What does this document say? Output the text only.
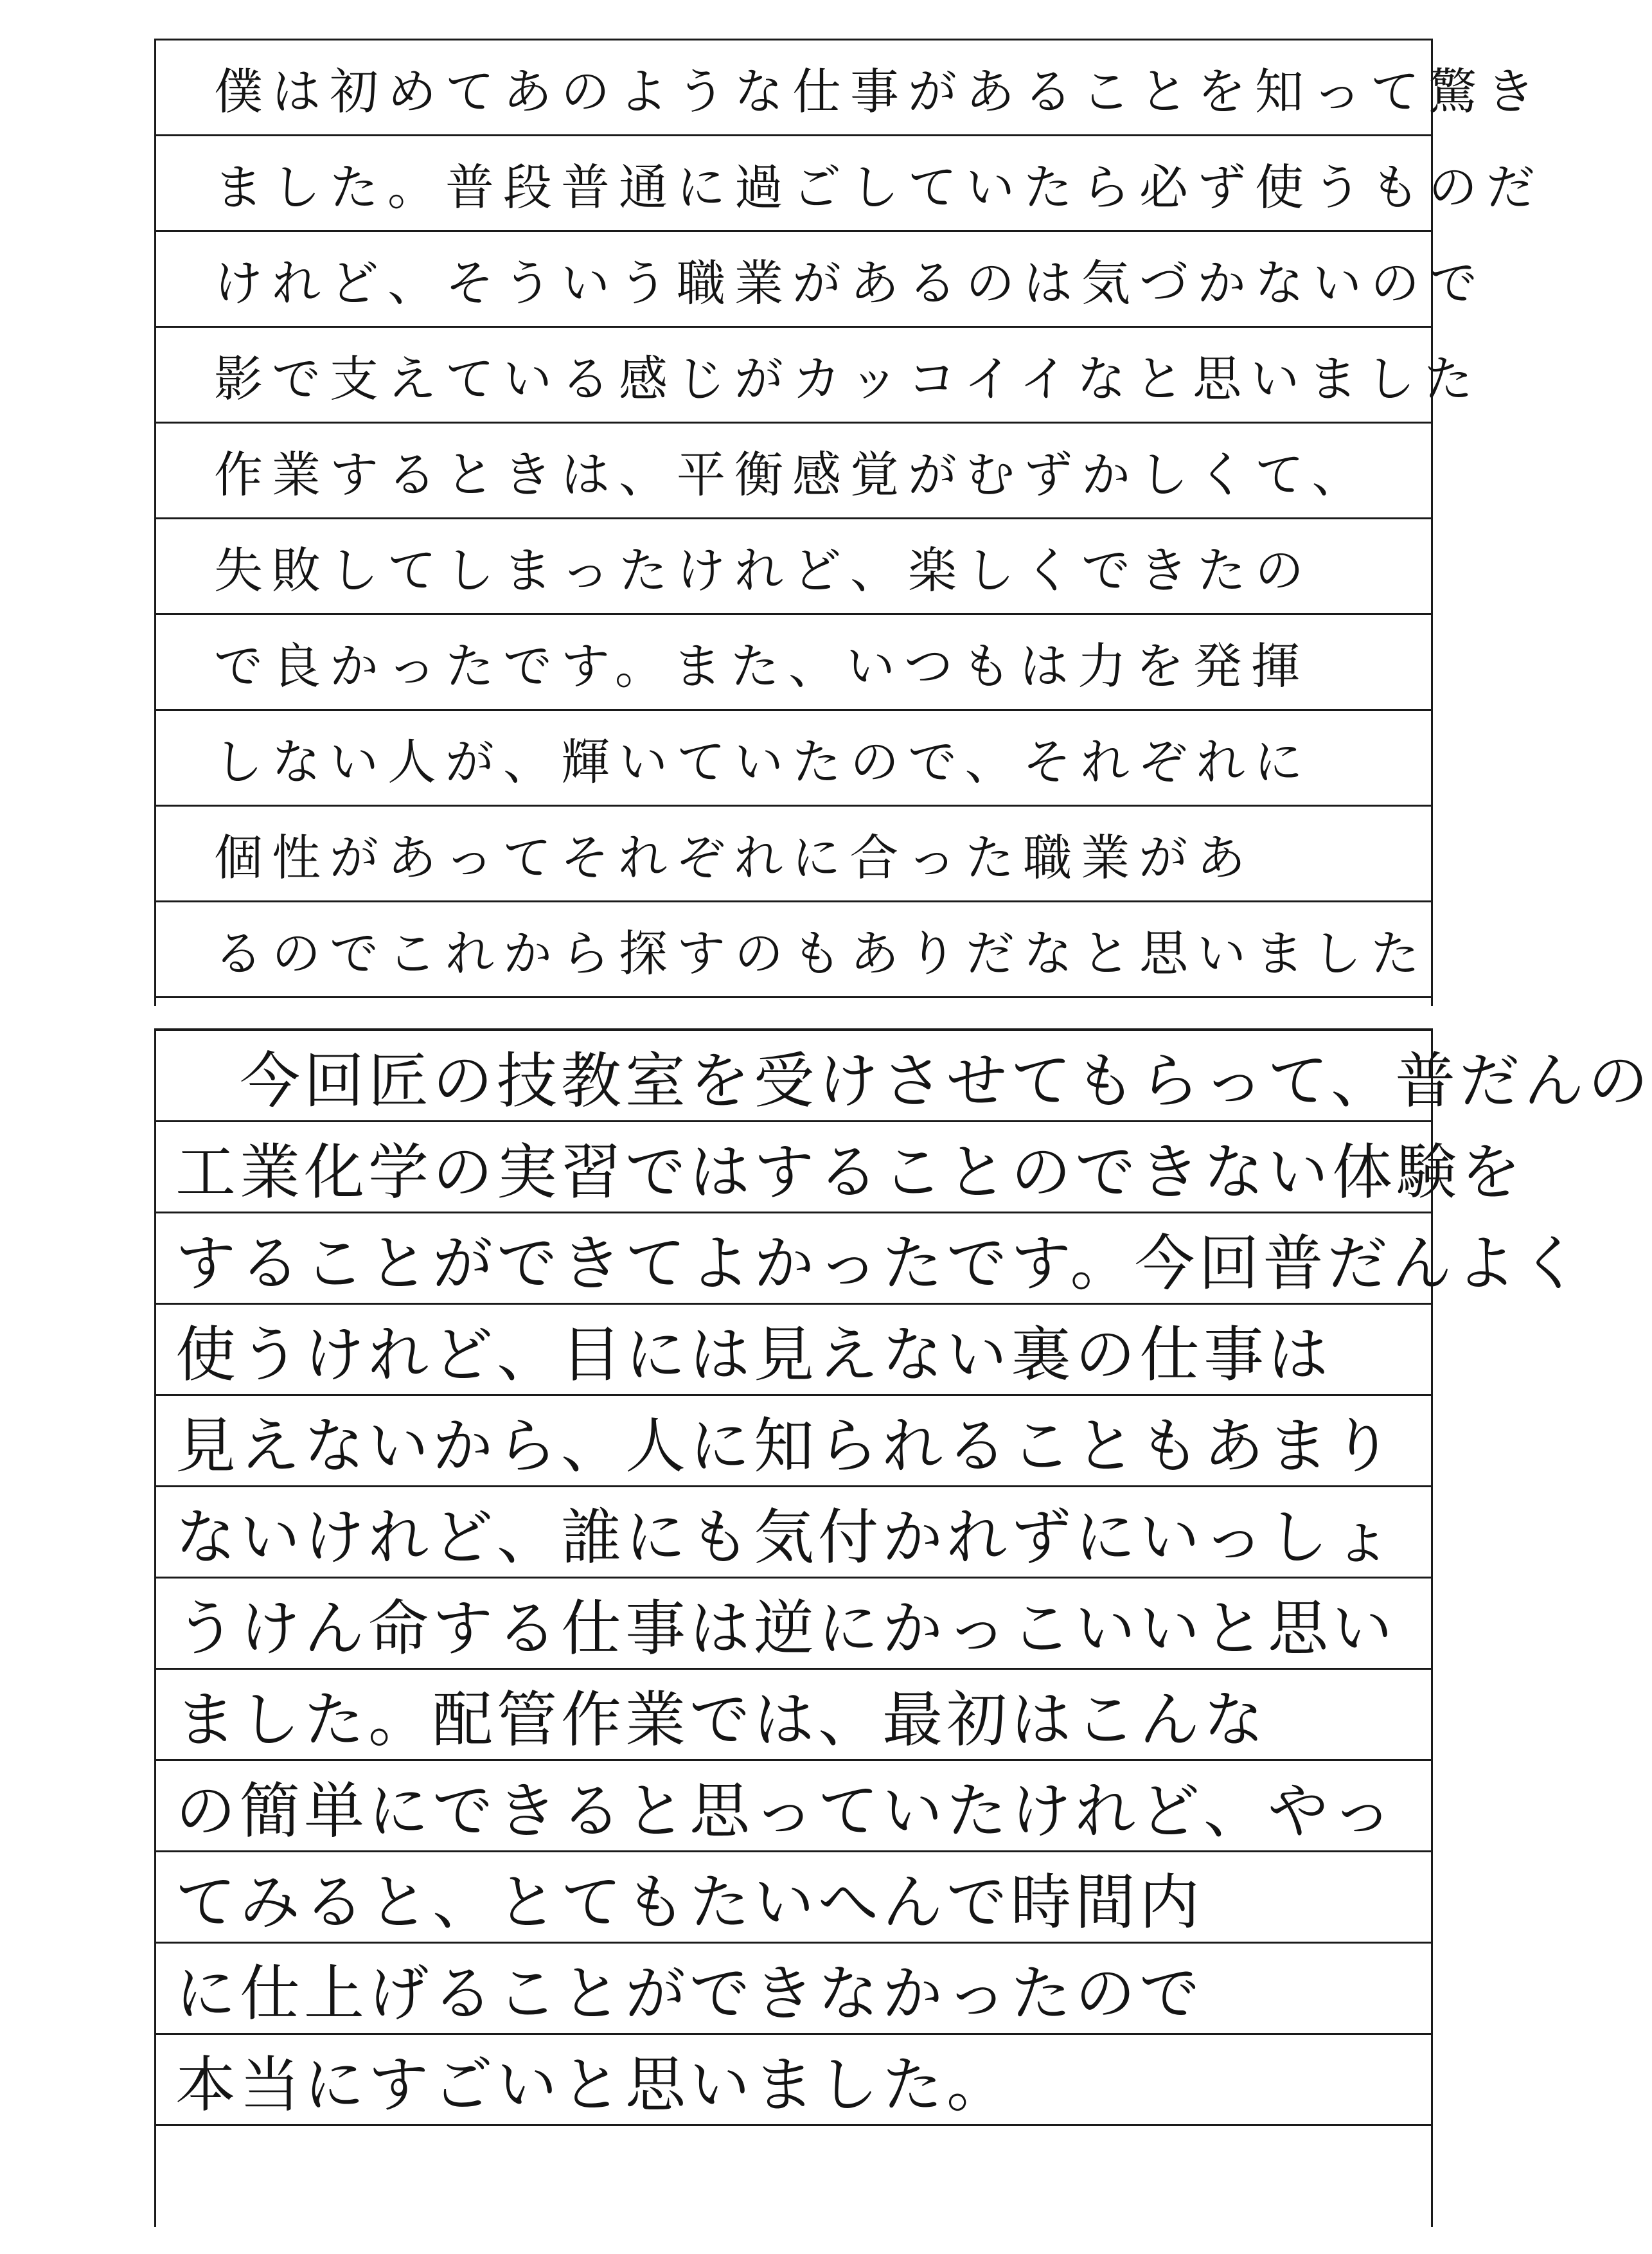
僕は初めてあのような仕事があることを知って驚き
ました。普段普通に過ごしていたら必ず使うものだ
けれど、そういう職業があるのは気づかないので
影で支えている感じがカッコイイなと思いました
作業するときは、平衡感覚がむずかしくて、
失敗してしまったけれど、楽しくできたの
で良かったです。また、いつもは力を発揮
しない人が、輝いていたので、それぞれに
個性があってそれぞれに合った職業があ
るのでこれから探すのもありだなと思いました
今回匠の技教室を受けさせてもらって、普だんの
工業化学の実習ではすることのできない体験を
することができてよかったです。今回普だんよく
使うけれど、目には見えない裏の仕事は
見えないから、人に知られることもあまり
ないけれど、誰にも気付かれずにいっしょ
うけん命する仕事は逆にかっこいいと思い
ました。配管作業では、最初はこんな
の簡単にできると思っていたけれど、やっ
てみると、とてもたいへんで時間内
に仕上げることができなかったので
本当にすごいと思いました。
